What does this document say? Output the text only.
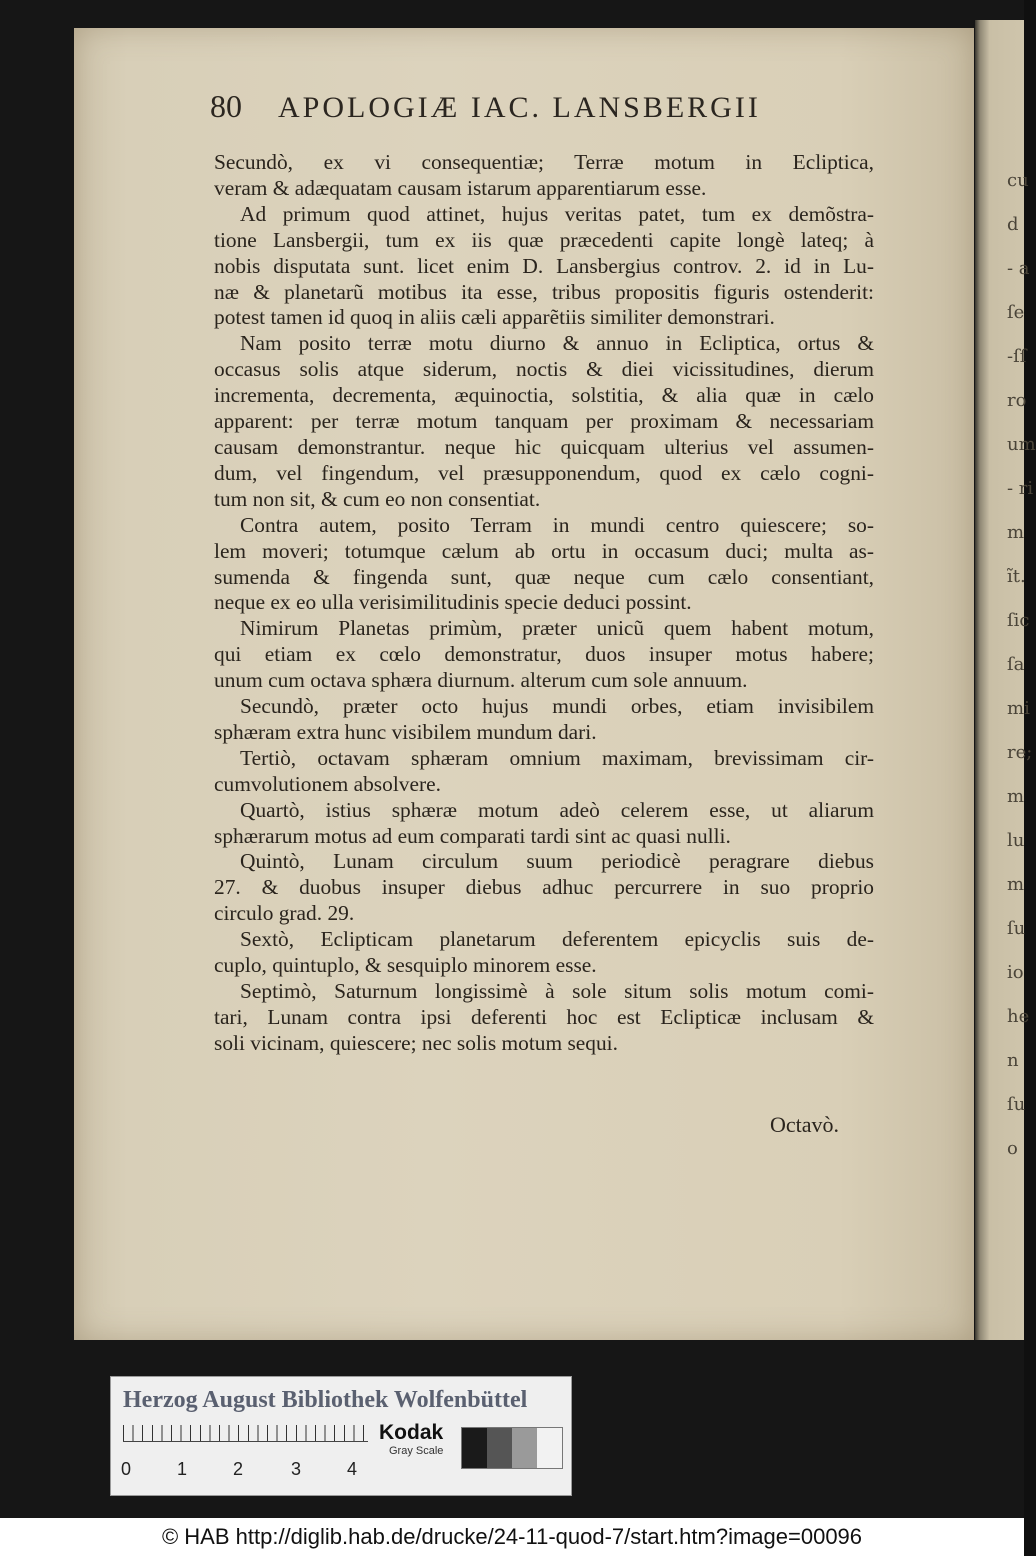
cu
d
- a
ſe
-ſſ
ro
um
- ri
m
ĩt.
ſic
ſa
mi
re;
m
lu
m
ſu
io
he
n
ſu
o
80 APOLOGIÆ IAC. LANSBERGII
Secundò, ex vi consequentiæ; Terræ motum in Ecliptica,
veram & adæquatam causam istarum apparentiarum esse.
Ad primum quod attinet, hujus veritas patet, tum ex demõstra-
tione Lansbergii, tum ex iis quæ præcedenti capite longè lateq; à
nobis disputata sunt. licet enim D. Lansbergius controv. 2. id in Lu-
næ & planetarũ motibus ita esse, tribus propositis figuris ostenderit:
potest tamen id quoq in aliis cæli apparẽtiis similiter demonstrari.
Nam posito terræ motu diurno & annuo in Ecliptica, ortus &
occasus solis atque siderum, noctis & diei vicissitudines, dierum
incrementa, decrementa, æquinoctia, solstitia, & alia quæ in cælo
apparent: per terræ motum tanquam per proximam & necessariam
causam demonstrantur. neque hic quicquam ulterius vel assumen-
dum, vel fingendum, vel præsupponendum, quod ex cælo cogni-
tum non sit, & cum eo non consentiat.
Contra autem, posito Terram in mundi centro quiescere; so-
lem moveri; totumque cælum ab ortu in occasum duci; multa as-
sumenda & fingenda sunt, quæ neque cum cælo consentiant,
neque ex eo ulla verisimilitudinis specie deduci possint.
Nimirum Planetas primùm, præter unicũ quem habent motum,
qui etiam ex cœlo demonstratur, duos insuper motus habere;
unum cum octava sphæra diurnum. alterum cum sole annuum.
Secundò, præter octo hujus mundi orbes, etiam invisibilem
sphæram extra hunc visibilem mundum dari.
Tertiò, octavam sphæram omnium maximam, brevissimam cir-
cumvolutionem absolvere.
Quartò, istius sphæræ motum adeò celerem esse, ut aliarum
sphærarum motus ad eum comparati tardi sint ac quasi nulli.
Quintò, Lunam circulum suum periodicè peragrare diebus
27. & duobus insuper diebus adhuc percurrere in suo proprio
circulo grad. 29.
Sextò, Eclipticam planetarum deferentem epicyclis suis de-
cuplo, quintuplo, & sesquiplo minorem esse.
Septimò, Saturnum longissimè à sole situm solis motum comi-
tari, Lunam contra ipsi deferenti hoc est Eclipticæ inclusam &
soli vicinam, quiescere; nec solis motum sequi.
Octavò.
Herzog August Bibliothek Wolfenbüttel
0	1	2	3	4
Kodak
Gray Scale
© HAB http://diglib.hab.de/drucke/24-11-quod-7/start.htm?image=00096
